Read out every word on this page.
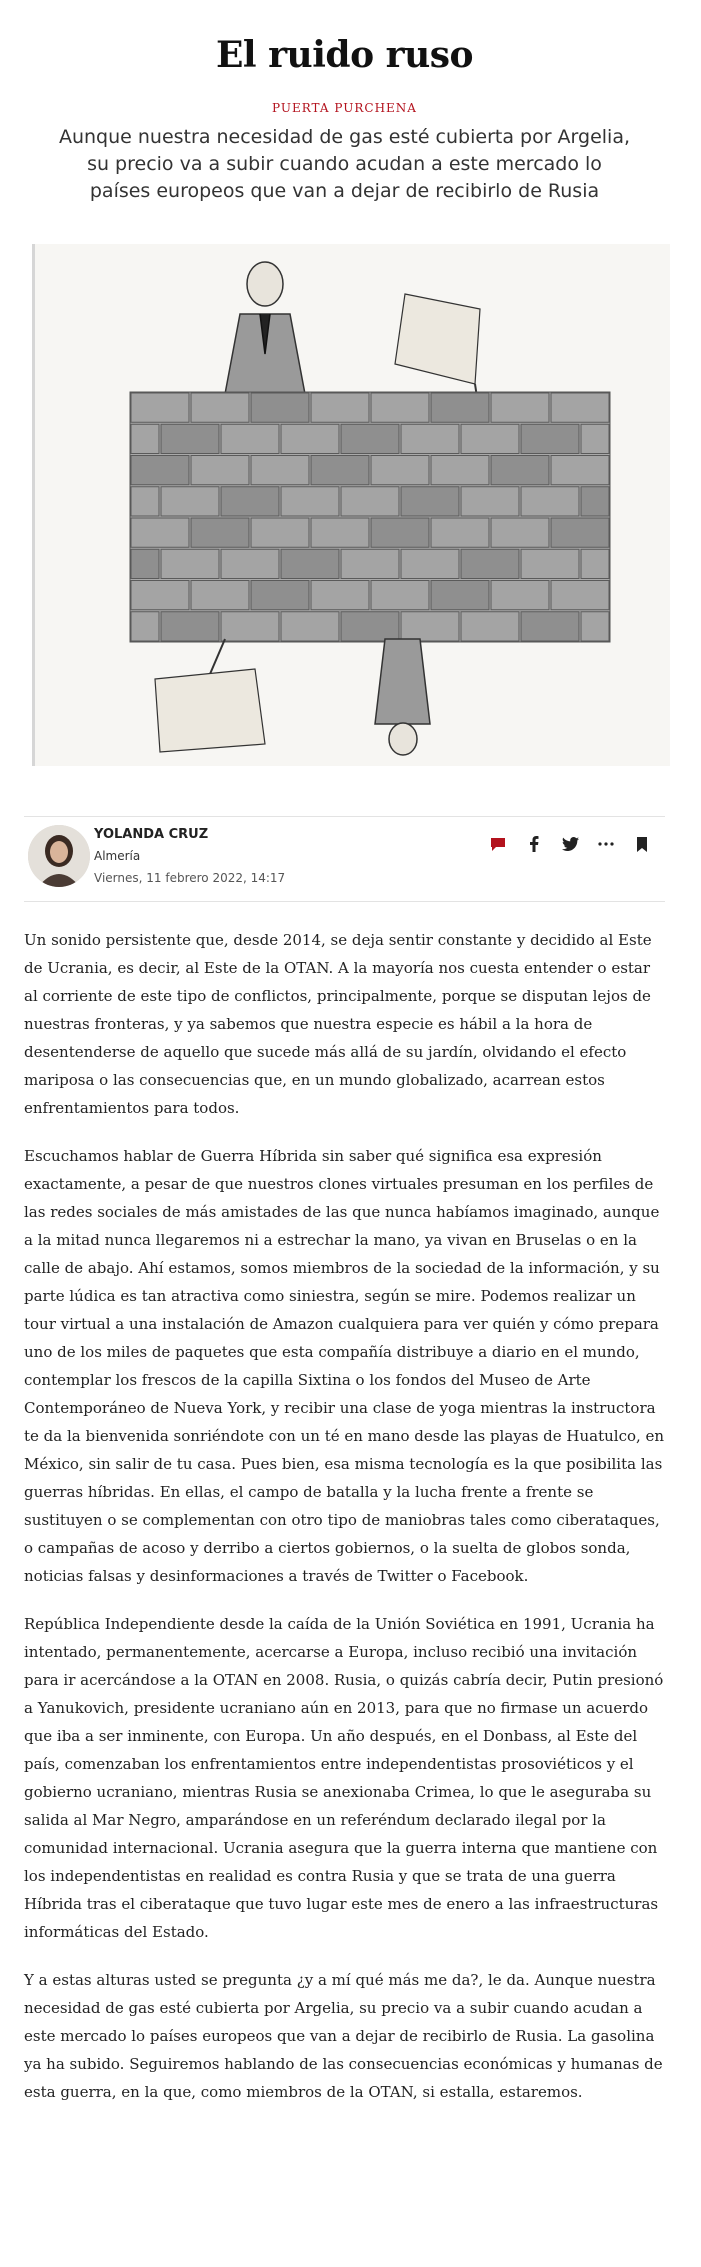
El ruido ruso
PUERTA PURCHENA
Aunque nuestra necesidad de gas esté cubierta por Argelia, su precio va a subir cuando acudan a este mercado lo países europeos que van a dejar de recibirlo de Rusia
YOLANDA CRUZ
Almería
Viernes, 11 febrero 2022, 14:17

Un sonido persistente que, desde 2014, se deja sentir constante y decidido al Este de Ucrania, es decir, al Este de la OTAN. A la mayoría nos cuesta entender o estar al corriente de este tipo de conflictos, principalmente, porque se disputan lejos de nuestras fronteras, y ya sabemos que nuestra especie es hábil a la hora de desentenderse de aquello que sucede más allá de su jardín, olvidando el efecto mariposa o las consecuencias que, en un mundo globalizado, acarrean estos enfrentamientos para todos.

Escuchamos hablar de Guerra Híbrida sin saber qué significa esa expresión exactamente, a pesar de que nuestros clones virtuales presuman en los perfiles de las redes sociales de más amistades de las que nunca habíamos imaginado, aunque a la mitad nunca llegaremos ni a estrechar la mano, ya vivan en Bruselas o en la calle de abajo. Ahí estamos, somos miembros de la sociedad de la información, y su parte lúdica es tan atractiva como siniestra, según se mire. Podemos realizar un tour virtual a una instalación de Amazon cualquiera para ver quién y cómo prepara uno de los miles de paquetes que esta compañía distribuye a diario en el mundo, contemplar los frescos de la capilla Sixtina o los fondos del Museo de Arte Contemporáneo de Nueva York, y recibir una clase de yoga mientras la instructora te da la bienvenida sonriéndote con un té en mano desde las playas de Huatulco, en México, sin salir de tu casa. Pues bien, esa misma tecnología es la que posibilita las guerras híbridas. En ellas, el campo de batalla y la lucha frente a frente se sustituyen o se complementan con otro tipo de maniobras tales como ciberataques, o campañas de acoso y derribo a ciertos gobiernos, o la suelta de globos sonda, noticias falsas y desinformaciones a través de Twitter o Facebook.

República Independiente desde la caída de la Unión Soviética en 1991, Ucrania ha intentado, permanentemente, acercarse a Europa, incluso recibió una invitación para ir acercándose a la OTAN en 2008. Rusia, o quizás cabría decir, Putin presionó a Yanukovich, presidente ucraniano aún en 2013, para que no firmase un acuerdo que iba a ser inminente, con Europa. Un año después, en el Donbass, al Este del país, comenzaban los enfrentamientos entre independentistas prosoviéticos y el gobierno ucraniano, mientras Rusia se anexionaba Crimea, lo que le aseguraba su salida al Mar Negro, amparándose en un referéndum declarado ilegal por la comunidad internacional. Ucrania asegura que la guerra interna que mantiene con los independentistas en realidad es contra Rusia y que se trata de una guerra Híbrida tras el ciberataque que tuvo lugar este mes de enero a las infraestructuras informáticas del Estado.

Y a estas alturas usted se pregunta ¿y a mí qué más me da?, le da. Aunque nuestra necesidad de gas esté cubierta por Argelia, su precio va a subir cuando acudan a este mercado lo países europeos que van a dejar de recibirlo de Rusia. La gasolina ya ha subido. Seguiremos hablando de las consecuencias económicas y humanas de esta guerra, en la que, como miembros de la OTAN, si estalla, estaremos.
